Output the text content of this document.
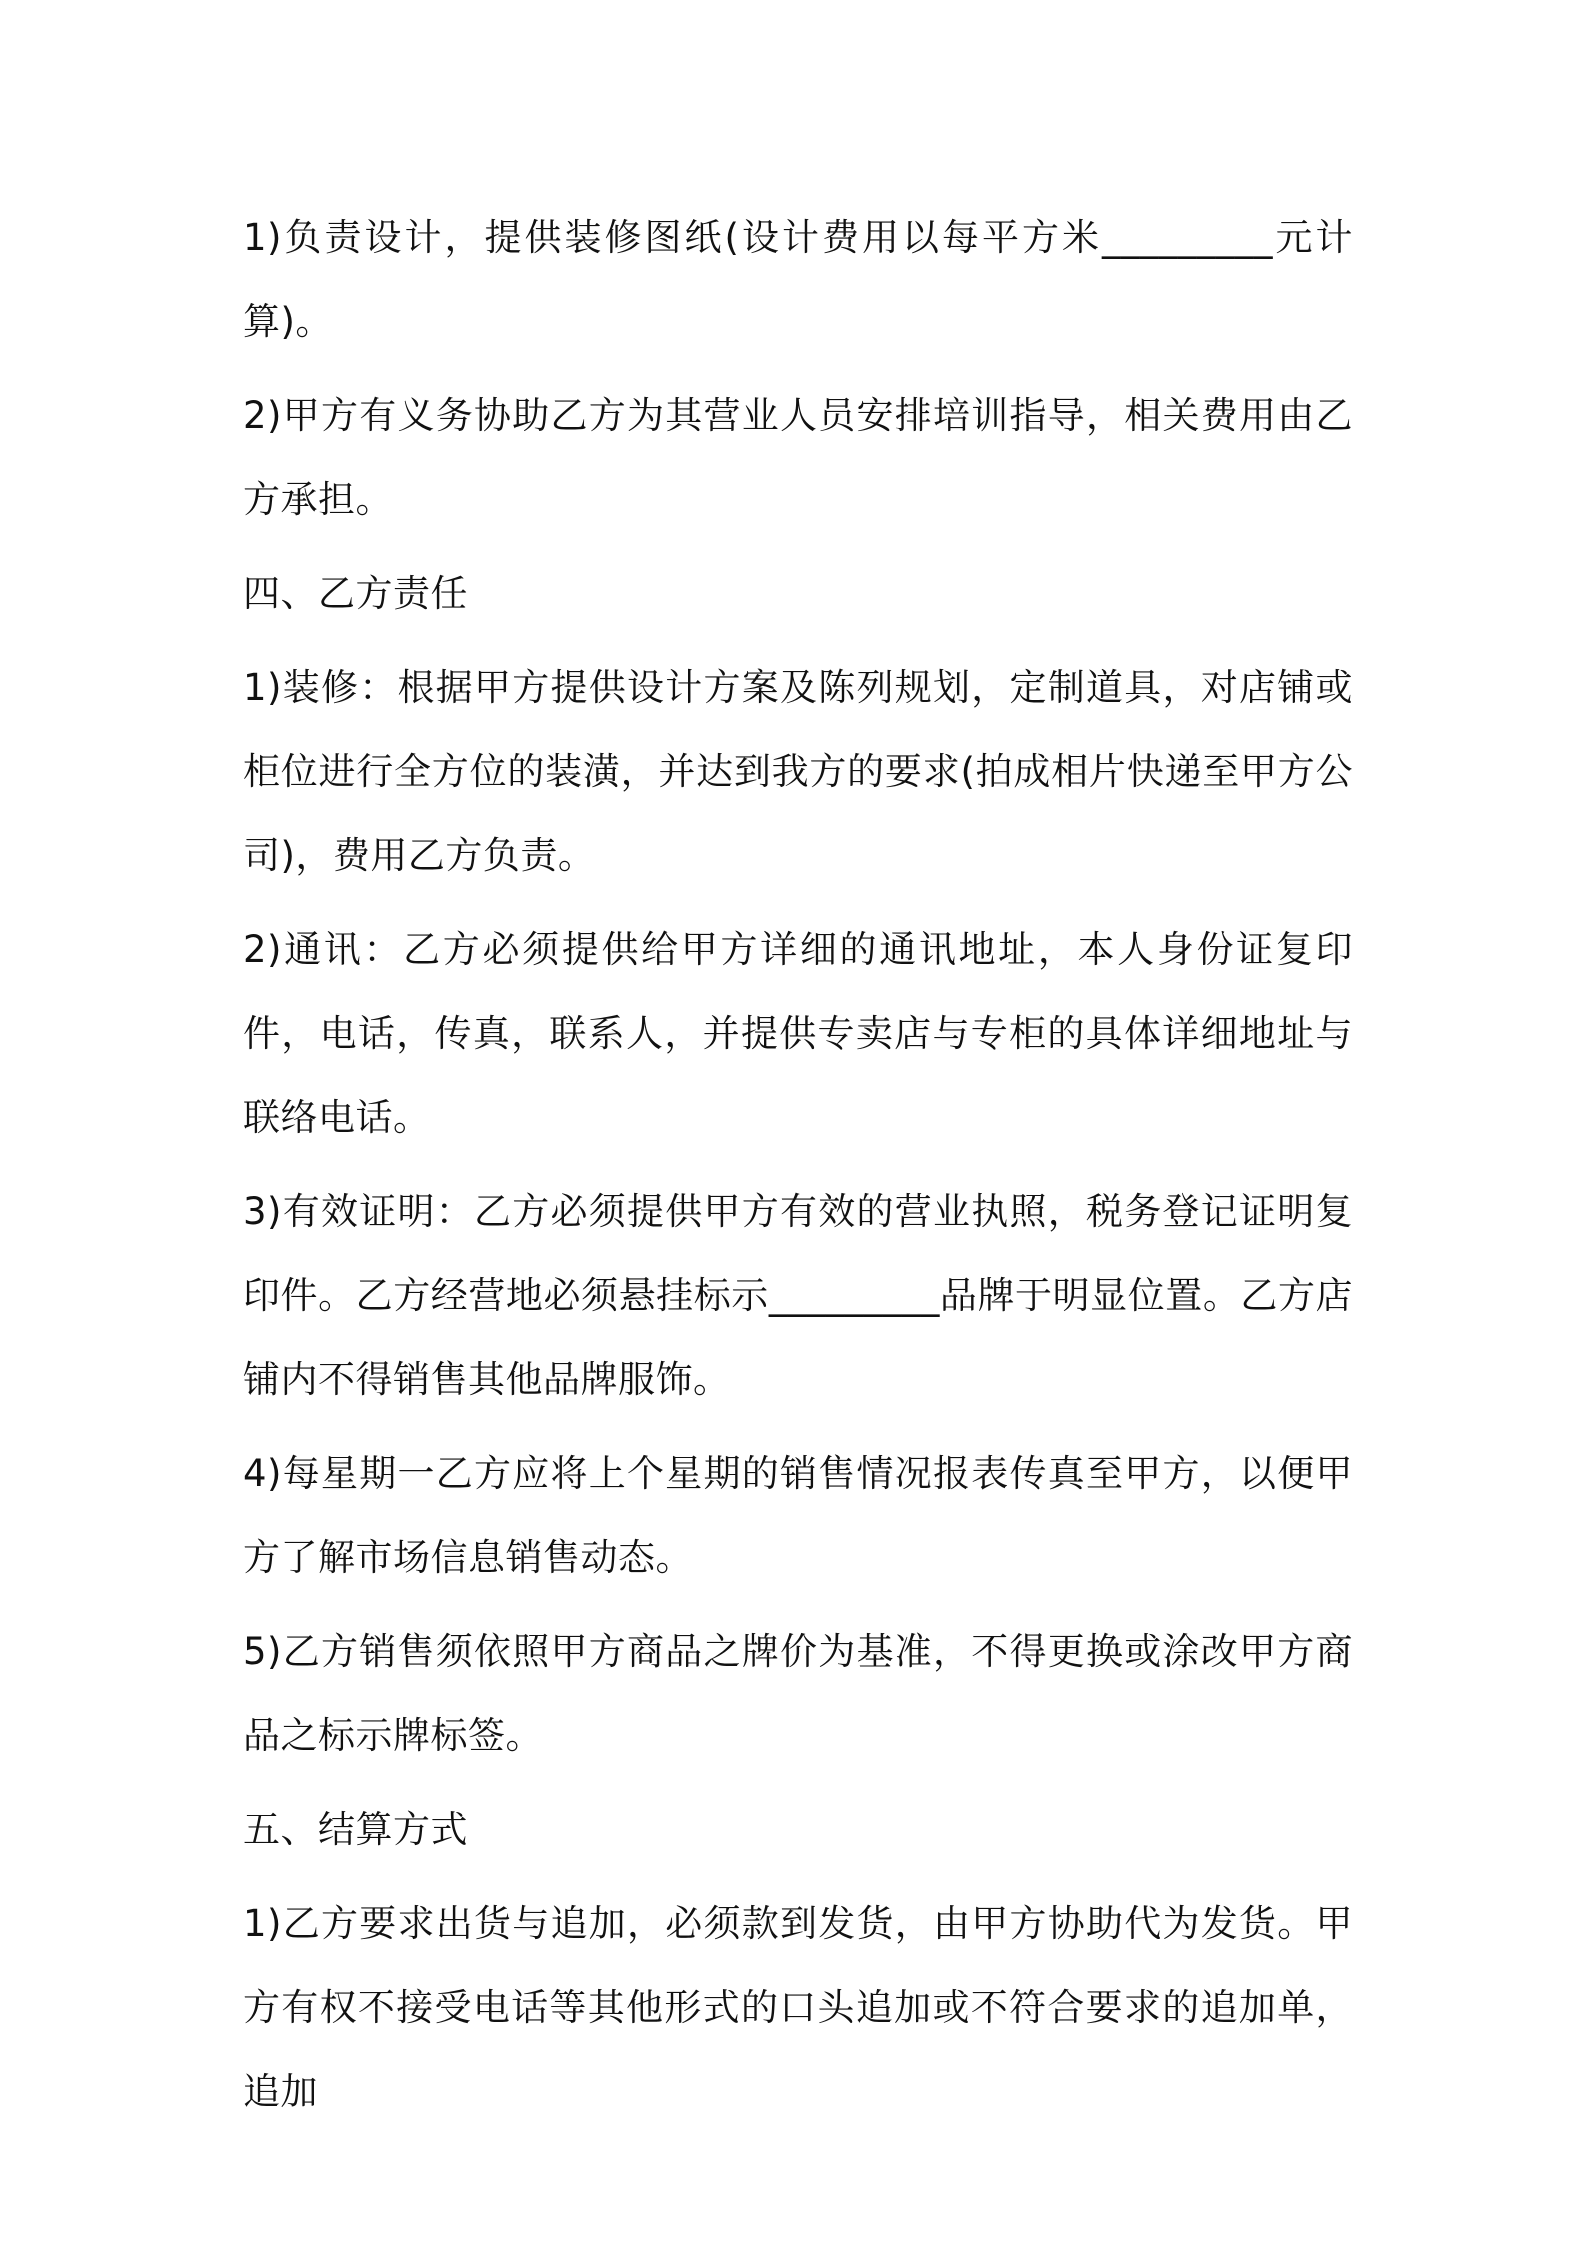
1)负责设计，提供装修图纸(设计费用以每平方米_________元计算)。

2)甲方有义务协助乙方为其营业人员安排培训指导，相关费用由乙方承担。

四、乙方责任

1)装修：根据甲方提供设计方案及陈列规划，定制道具，对店铺或柜位进行全方位的装潢，并达到我方的要求(拍成相片快递至甲方公司)，费用乙方负责。

2)通讯：乙方必须提供给甲方详细的通讯地址，本人身份证复印件，电话，传真，联系人，并提供专卖店与专柜的具体详细地址与联络电话。

3)有效证明：乙方必须提供甲方有效的营业执照，税务登记证明复印件。乙方经营地必须悬挂标示_________品牌于明显位置。乙方店铺内不得销售其他品牌服饰。

4)每星期一乙方应将上个星期的销售情况报表传真至甲方，以便甲方了解市场信息销售动态。

5)乙方销售须依照甲方商品之牌价为基准，不得更换或涂改甲方商品之标示牌标签。

五、结算方式

1)乙方要求出货与追加，必须款到发货，由甲方协助代为发货。甲方有权不接受电话等其他形式的口头追加或不符合要求的追加单，追加
